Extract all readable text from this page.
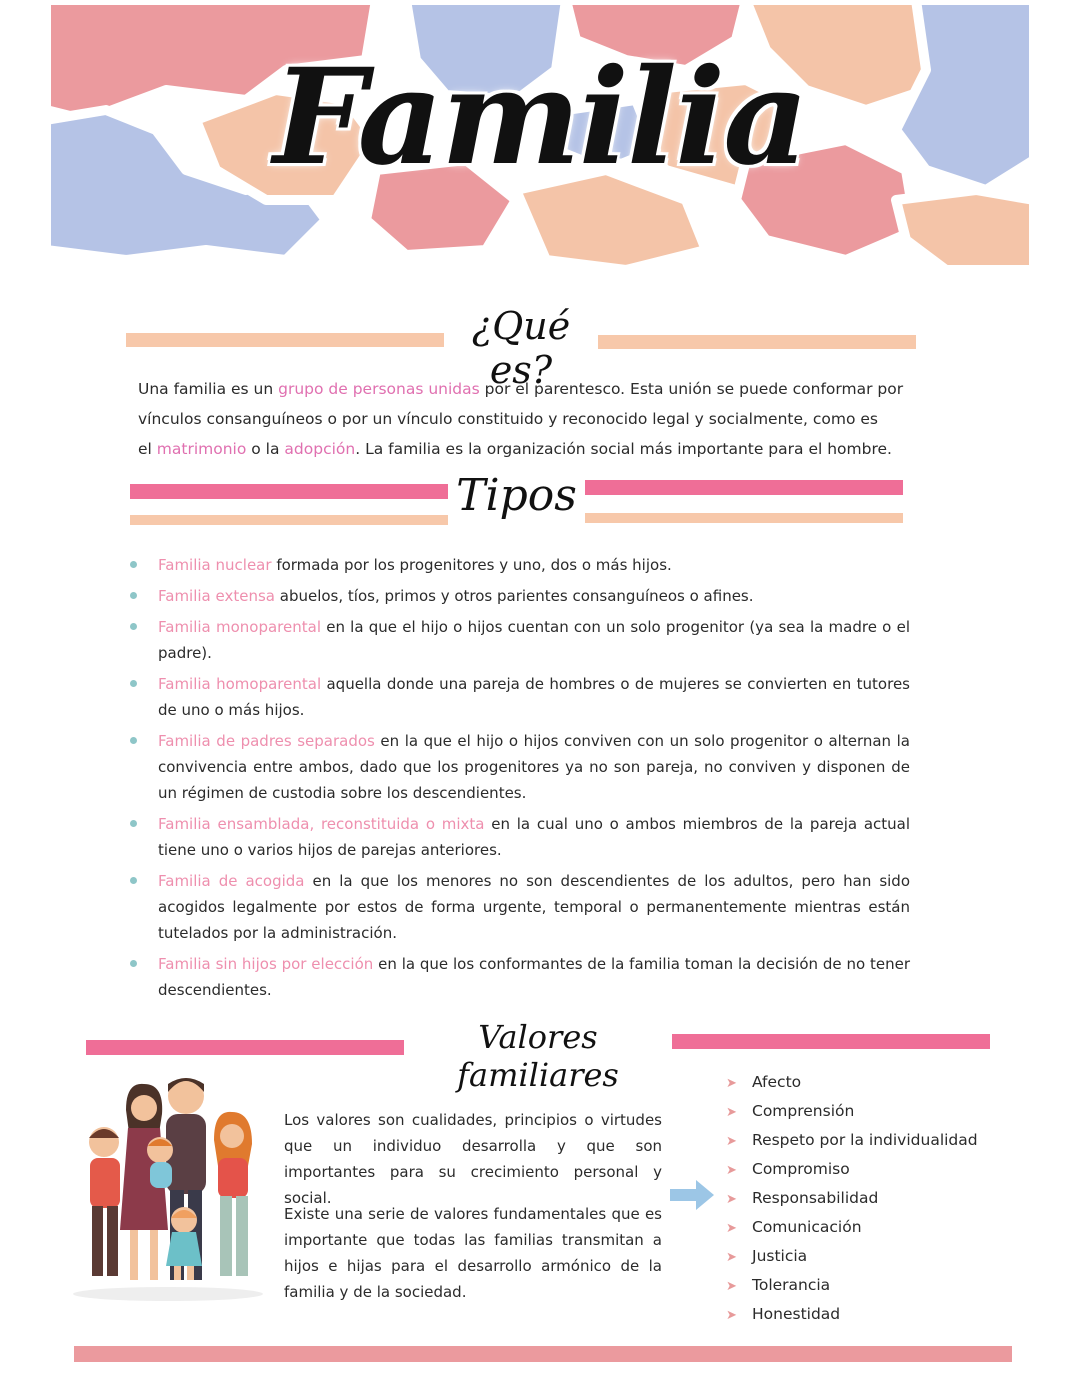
Familia
¿Qué es?
Una familia es un grupo de personas unidas por el parentesco. Esta unión se puede conformar por
vínculos consanguíneos o por un vínculo constituido y reconocido legal y socialmente, como es
el matrimonio o la adopción. La familia es la organización social más importante para el hombre.
Tipos
Familia nuclear formada por los progenitores y uno, dos o más hijos.
Familia extensa abuelos, tíos, primos y otros parientes consanguíneos o afines.
Familia monoparental en la que el hijo o hijos cuentan con un solo progenitor (ya sea la madre o el padre).
Familia homoparental aquella donde una pareja de hombres o de mujeres se convierten en tutores de uno o más hijos.
Familia de padres separados en la que el hijo o hijos conviven con un solo progenitor o alternan la convivencia entre ambos, dado que los progenitores ya no son pareja, no conviven y disponen de un régimen de custodia sobre los descendientes.
Familia ensamblada, reconstituida o mixta en la cual uno o ambos miembros de la pareja actual tiene uno o varios hijos de parejas anteriores.
Familia de acogida en la que los menores no son descendientes de los adultos, pero han sido acogidos legalmente por estos de forma urgente, temporal o permanentemente mientras están tutelados por la administración.
Familia sin hijos por elección en la que los conformantes de la familia toman la decisión de no tener descendientes.
Valores familiares
Los valores son cualidades, principios o virtudes que un individuo desarrolla y que son importantes para su crecimiento personal y social.
Existe una serie de valores fundamentales que es importante que todas las familias transmitan a hijos e hijas para el desarrollo armónico de la familia y de la sociedad.
➤ Afecto
➤ Comprensión
➤ Respeto por la individualidad
➤ Compromiso
➤ Responsabilidad
➤ Comunicación
➤ Justicia
➤ Tolerancia
➤ Honestidad
